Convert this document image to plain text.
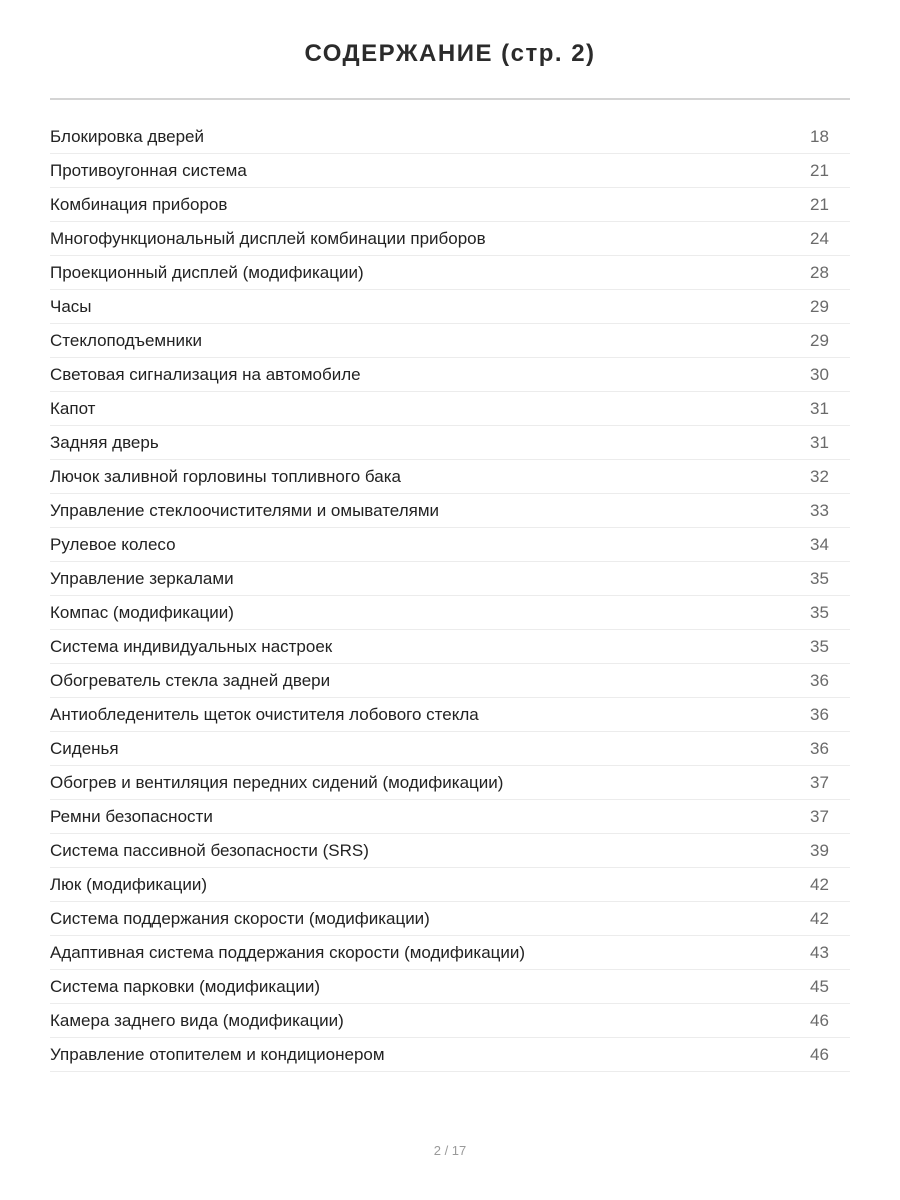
СОДЕРЖАНИЕ (стр. 2)
Блокировка дверей	18
Противоугонная система	21
Комбинация приборов	21
Многофункциональный дисплей комбинации приборов	24
Проекционный дисплей (модификации)	28
Часы	29
Стеклоподъемники	29
Световая сигнализация на автомобиле	30
Капот	31
Задняя дверь	31
Лючок заливной горловины топливного бака	32
Управление стеклоочистителями и омывателями	33
Рулевое колесо	34
Управление зеркалами	35
Компас (модификации)	35
Система индивидуальных настроек	35
Обогреватель стекла задней двери	36
Антиобледенитель щеток очистителя лобового стекла	36
Сиденья	36
Обогрев и вентиляция передних сидений (модификации)	37
Ремни безопасности	37
Система пассивной безопасности (SRS)	39
Люк (модификации)	42
Система поддержания скорости (модификации)	42
Адаптивная система поддержания скорости (модификации)	43
Система парковки (модификации)	45
Камера заднего вида (модификации)	46
Управление отопителем и кондиционером	46
2 / 17
